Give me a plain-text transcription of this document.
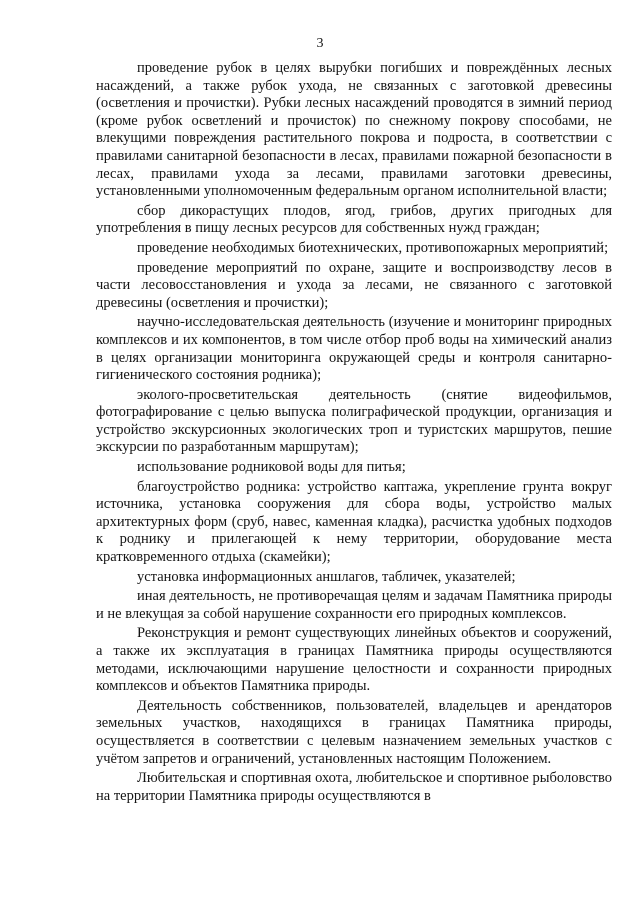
3

проведение рубок в целях вырубки погибших и повреждённых лесных насаждений, а также рубок ухода, не связанных с заготовкой древесины (осветления и прочистки). Рубки лесных насаждений проводятся в зимний период (кроме рубок осветлений и прочисток) по снежному покрову способами, не влекущими повреждения растительного покрова и подроста, в соответствии с правилами санитарной безопасности в лесах, правилами пожарной безопасности в лесах, правилами ухода за лесами, правилами заготовки древесины, установленными уполномоченным федеральным органом исполнительной власти;

сбор дикорастущих плодов, ягод, грибов, других пригодных для употребления в пищу лесных ресурсов для собственных нужд граждан;

проведение необходимых биотехнических, противопожарных мероприятий;

проведение мероприятий по охране, защите и воспроизводству лесов в части лесовосстановления и ухода за лесами, не связанного с заготовкой древесины (осветления и прочистки);

научно-исследовательская деятельность (изучение и мониторинг природных комплексов и их компонентов, в том числе отбор проб воды на химический анализ в целях организации мониторинга окружающей среды и контроля санитарно-гигиенического состояния родника);

эколого-просветительская деятельность (снятие видеофильмов, фотографирование с целью выпуска полиграфической продукции, организация и устройство экскурсионных экологических троп и туристских маршрутов, пешие экскурсии по разработанным маршрутам);

использование родниковой воды для питья;

благоустройство родника: устройство каптажа, укрепление грунта вокруг источника, установка сооружения для сбора воды, устройство малых архитектурных форм (сруб, навес, каменная кладка), расчистка удобных подходов к роднику и прилегающей к нему территории, оборудование места кратковременного отдыха (скамейки);

установка информационных аншлагов, табличек, указателей;

иная деятельность, не противоречащая целям и задачам Памятника природы и не влекущая за собой нарушение сохранности его природных комплексов.

Реконструкция и ремонт существующих линейных объектов и сооружений, а также их эксплуатация в границах Памятника природы осуществляются методами, исключающими нарушение целостности и сохранности природных комплексов и объектов Памятника природы.

Деятельность собственников, пользователей, владельцев и арендаторов земельных участков, находящихся в границах Памятника природы, осуществляется в соответствии с целевым назначением земельных участков с учётом запретов и ограничений, установленных настоящим Положением.

Любительская и спортивная охота, любительское и спортивное рыболовство на территории Памятника природы осуществляются в
